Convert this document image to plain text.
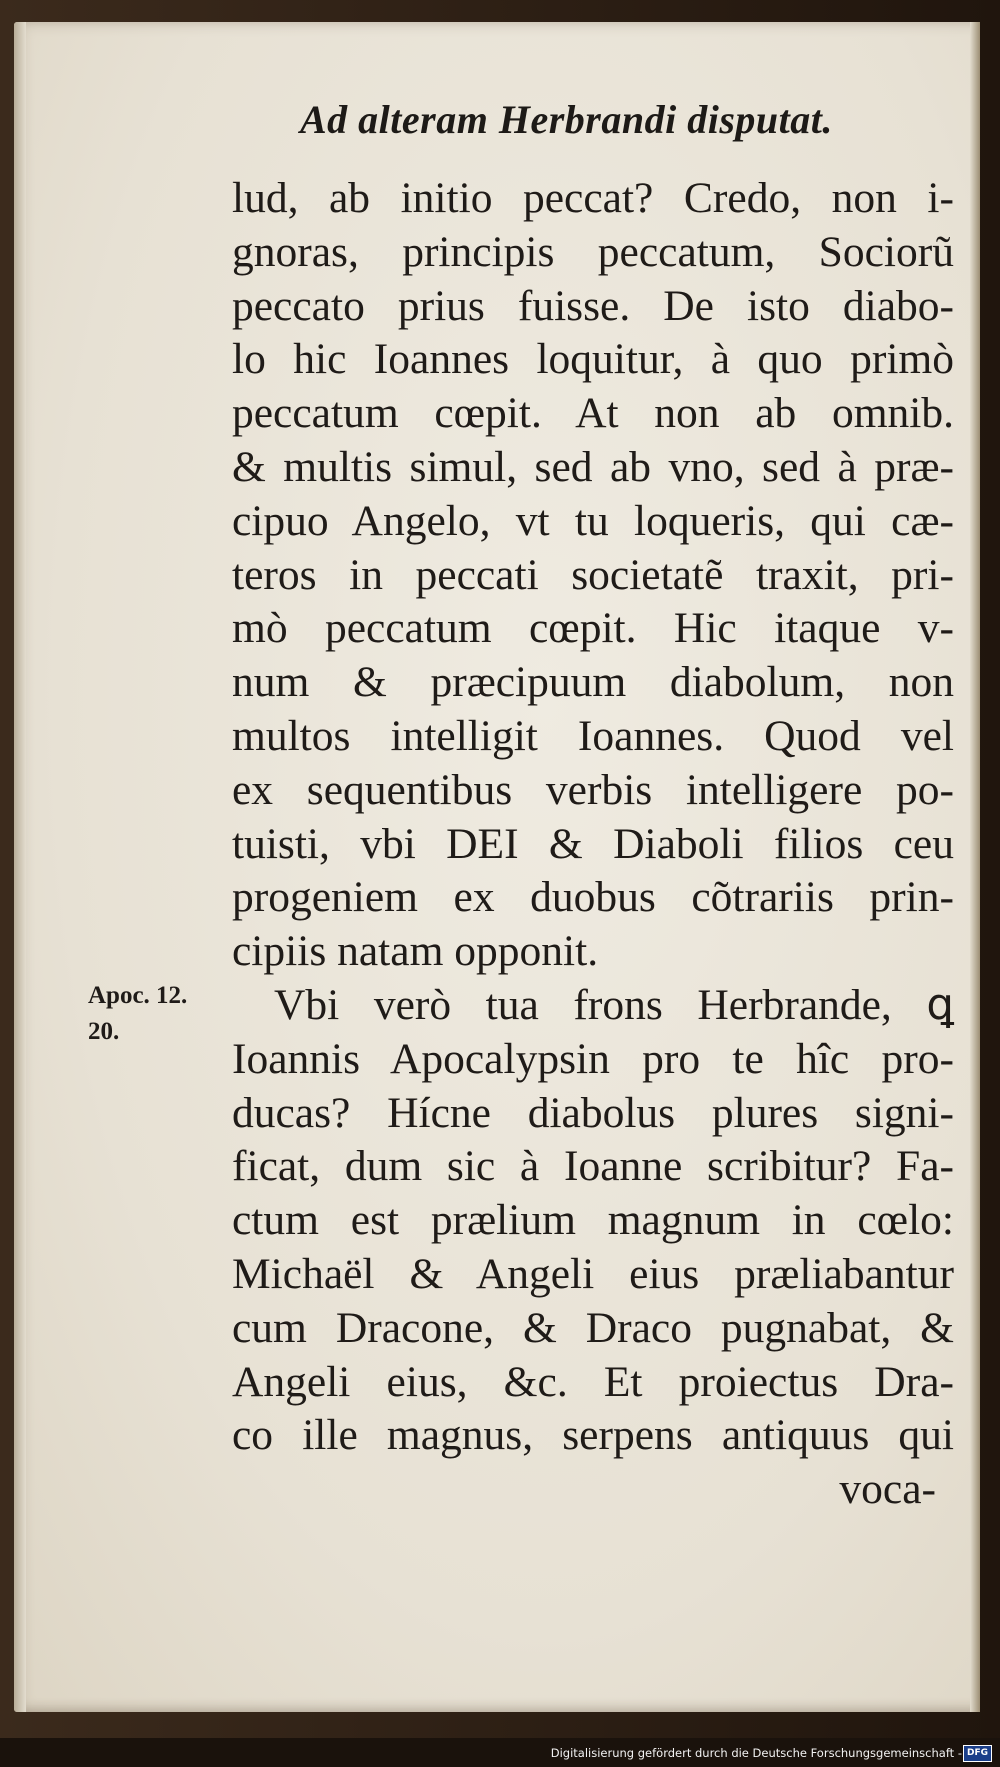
Ad alteram Herbrandi disputat.
Apoc. 12.
20.
lud, ab initio peccat? Credo, non i-
gnoras, principis peccatum, Sociorũ
peccato prius fuisse. De isto diabo-
lo hic Ioannes loquitur, à quo primò
peccatum cœpit. At non ab omnib.
& multis simul, sed ab vno, sed à præ-
cipuo Angelo, vt tu loqueris, qui cæ-
teros in peccati societatẽ traxit, pri-
mò peccatum cœpit. Hic itaque v-
num & præcipuum diabolum, non
multos intelligit Ioannes. Quod vel
ex sequentibus verbis intelligere po-
tuisti, vbi DEI & Diaboli filios ceu
progeniem ex duobus cõtrariis prin-
cipiis natam opponit.
Vbi verò tua frons Herbrande, ꝗ
Ioannis Apocalypsin pro te hîc pro-
ducas? Hícne diabolus plures signi-
ficat, dum sic à Ioanne scribitur? Fa-
ctum est prælium magnum in cœlo:
Michaël & Angeli eius præliabantur
cum Dracone, & Draco pugnabat, &
Angeli eius, &c. Et proiectus Dra-
co ille magnus, serpens antiquus qui
voca-
Digitalisierung gefördert durch die Deutsche Forschungsgemeinschaft - DFG
